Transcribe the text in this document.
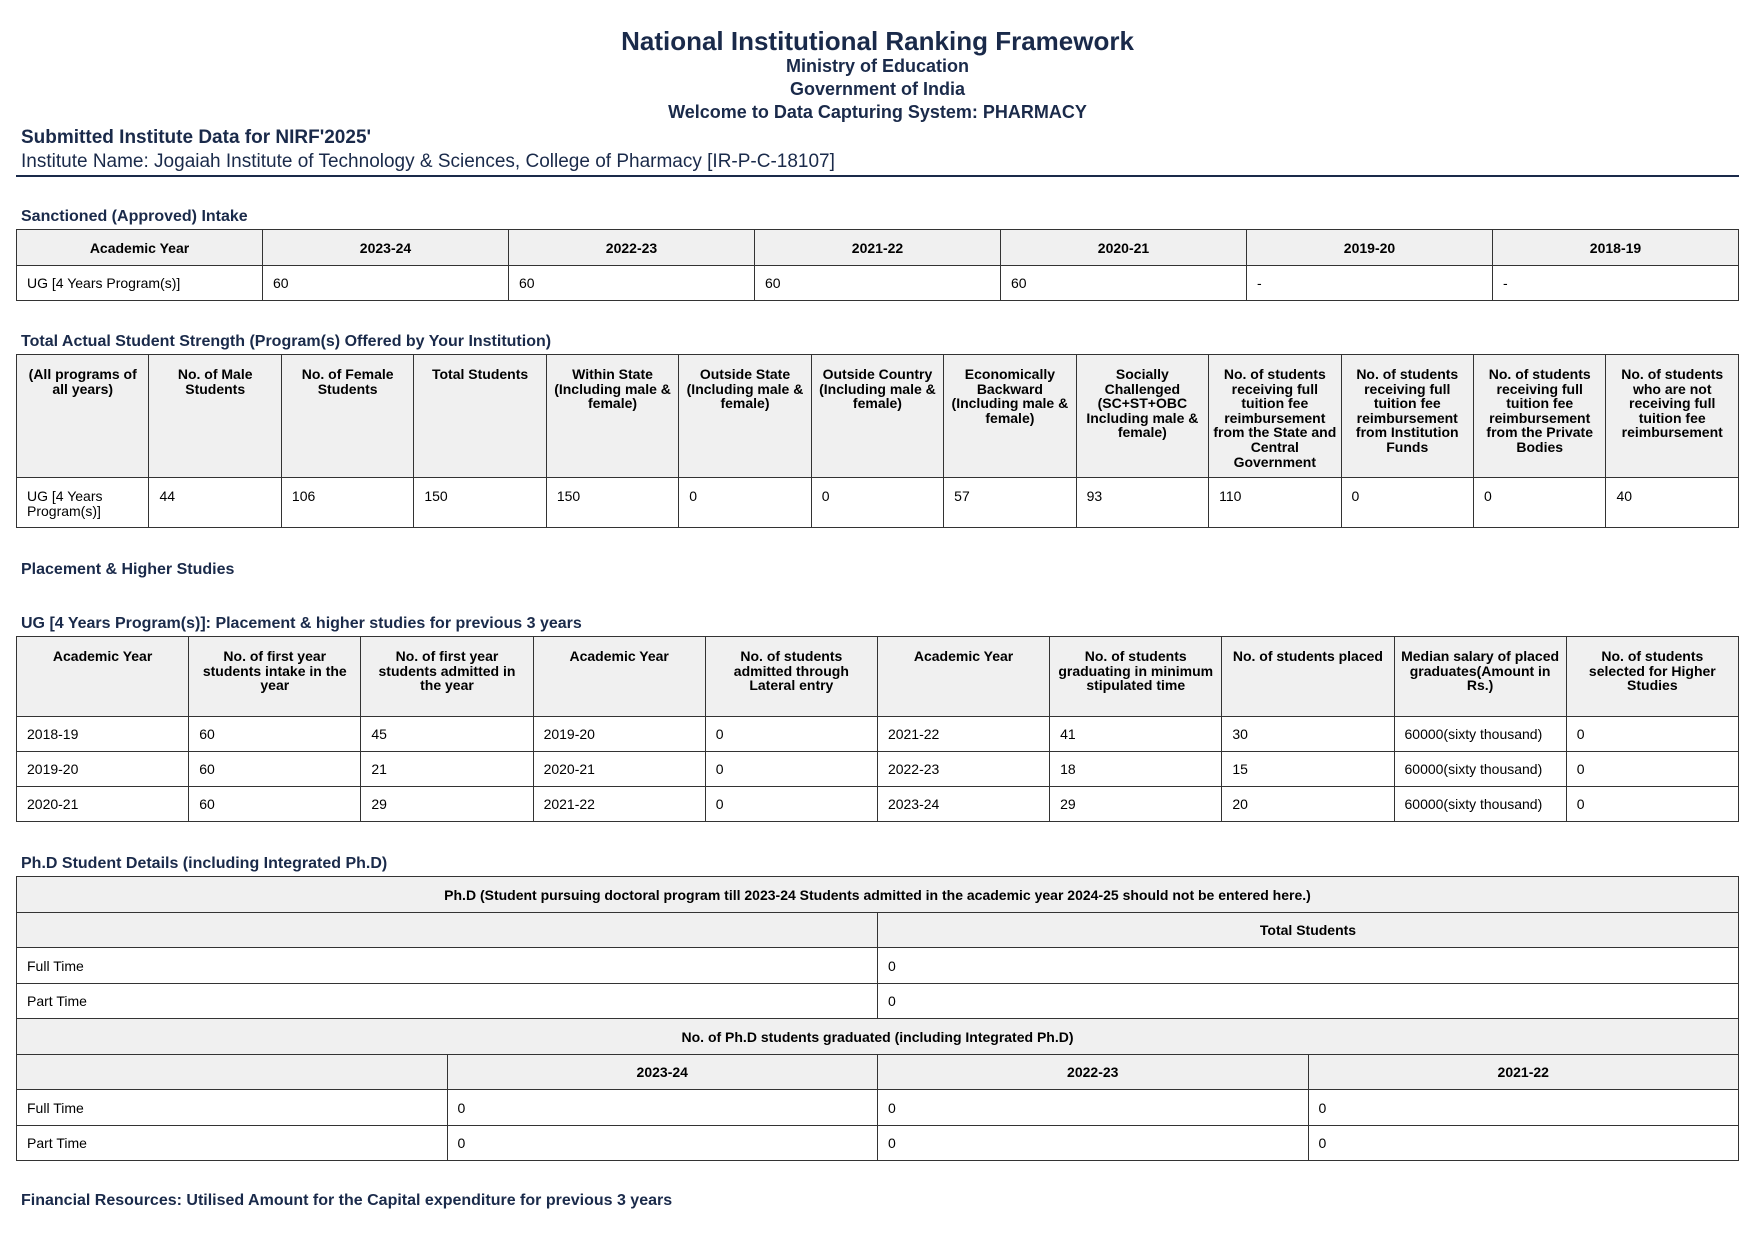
National Institutional Ranking Framework
Ministry of Education
Government of India
Welcome to Data Capturing System: PHARMACY
Submitted Institute Data for NIRF'2025'
Institute Name: Jogaiah Institute of Technology & Sciences, College of Pharmacy [IR-P-C-18107]
Sanctioned (Approved) Intake
Academic Year	2023-24	2022-23	2021-22	2020-21	2019-20	2018-19
UG [4 Years Program(s)]	60	60	60	60	-	-
Total Actual Student Strength (Program(s) Offered by Your Institution)
(All programs of all years)	No. of Male Students	No. of Female Students	Total Students	Within State (Including male & female)	Outside State (Including male & female)	Outside Country (Including male & female)	Economically Backward (Including male & female)	Socially Challenged (SC+ST+OBC Including male & female)	No. of students receiving full tuition fee reimbursement from the State and Central Government	No. of students receiving full tuition fee reimbursement from Institution Funds	No. of students receiving full tuition fee reimbursement from the Private Bodies	No. of students who are not receiving full tuition fee reimbursement
UG [4 Years Program(s)]	44	106	150	150	0	0	57	93	110	0	0	40
Placement & Higher Studies
UG [4 Years Program(s)]: Placement & higher studies for previous 3 years
Academic Year	No. of first year students intake in the year	No. of first year students admitted in the year	Academic Year	No. of students admitted through Lateral entry	Academic Year	No. of students graduating in minimum stipulated time	No. of students placed	Median salary of placed graduates(Amount in Rs.)	No. of students selected for Higher Studies
2018-19	60	45	2019-20	0	2021-22	41	30	60000(sixty thousand)	0
2019-20	60	21	2020-21	0	2022-23	18	15	60000(sixty thousand)	0
2020-21	60	29	2021-22	0	2023-24	29	20	60000(sixty thousand)	0
Ph.D Student Details (including Integrated Ph.D)
Ph.D (Student pursuing doctoral program till 2023-24 Students admitted in the academic year 2024-25 should not be entered here.)	
	Total Students
Full Time	0
Part Time	0
No. of Ph.D students graduated (including Integrated Ph.D)			
	2023-24	2022-23	2021-22
Full Time	0	0	0
Part Time	0	0	0
Financial Resources: Utilised Amount for the Capital expenditure for previous 3 years
